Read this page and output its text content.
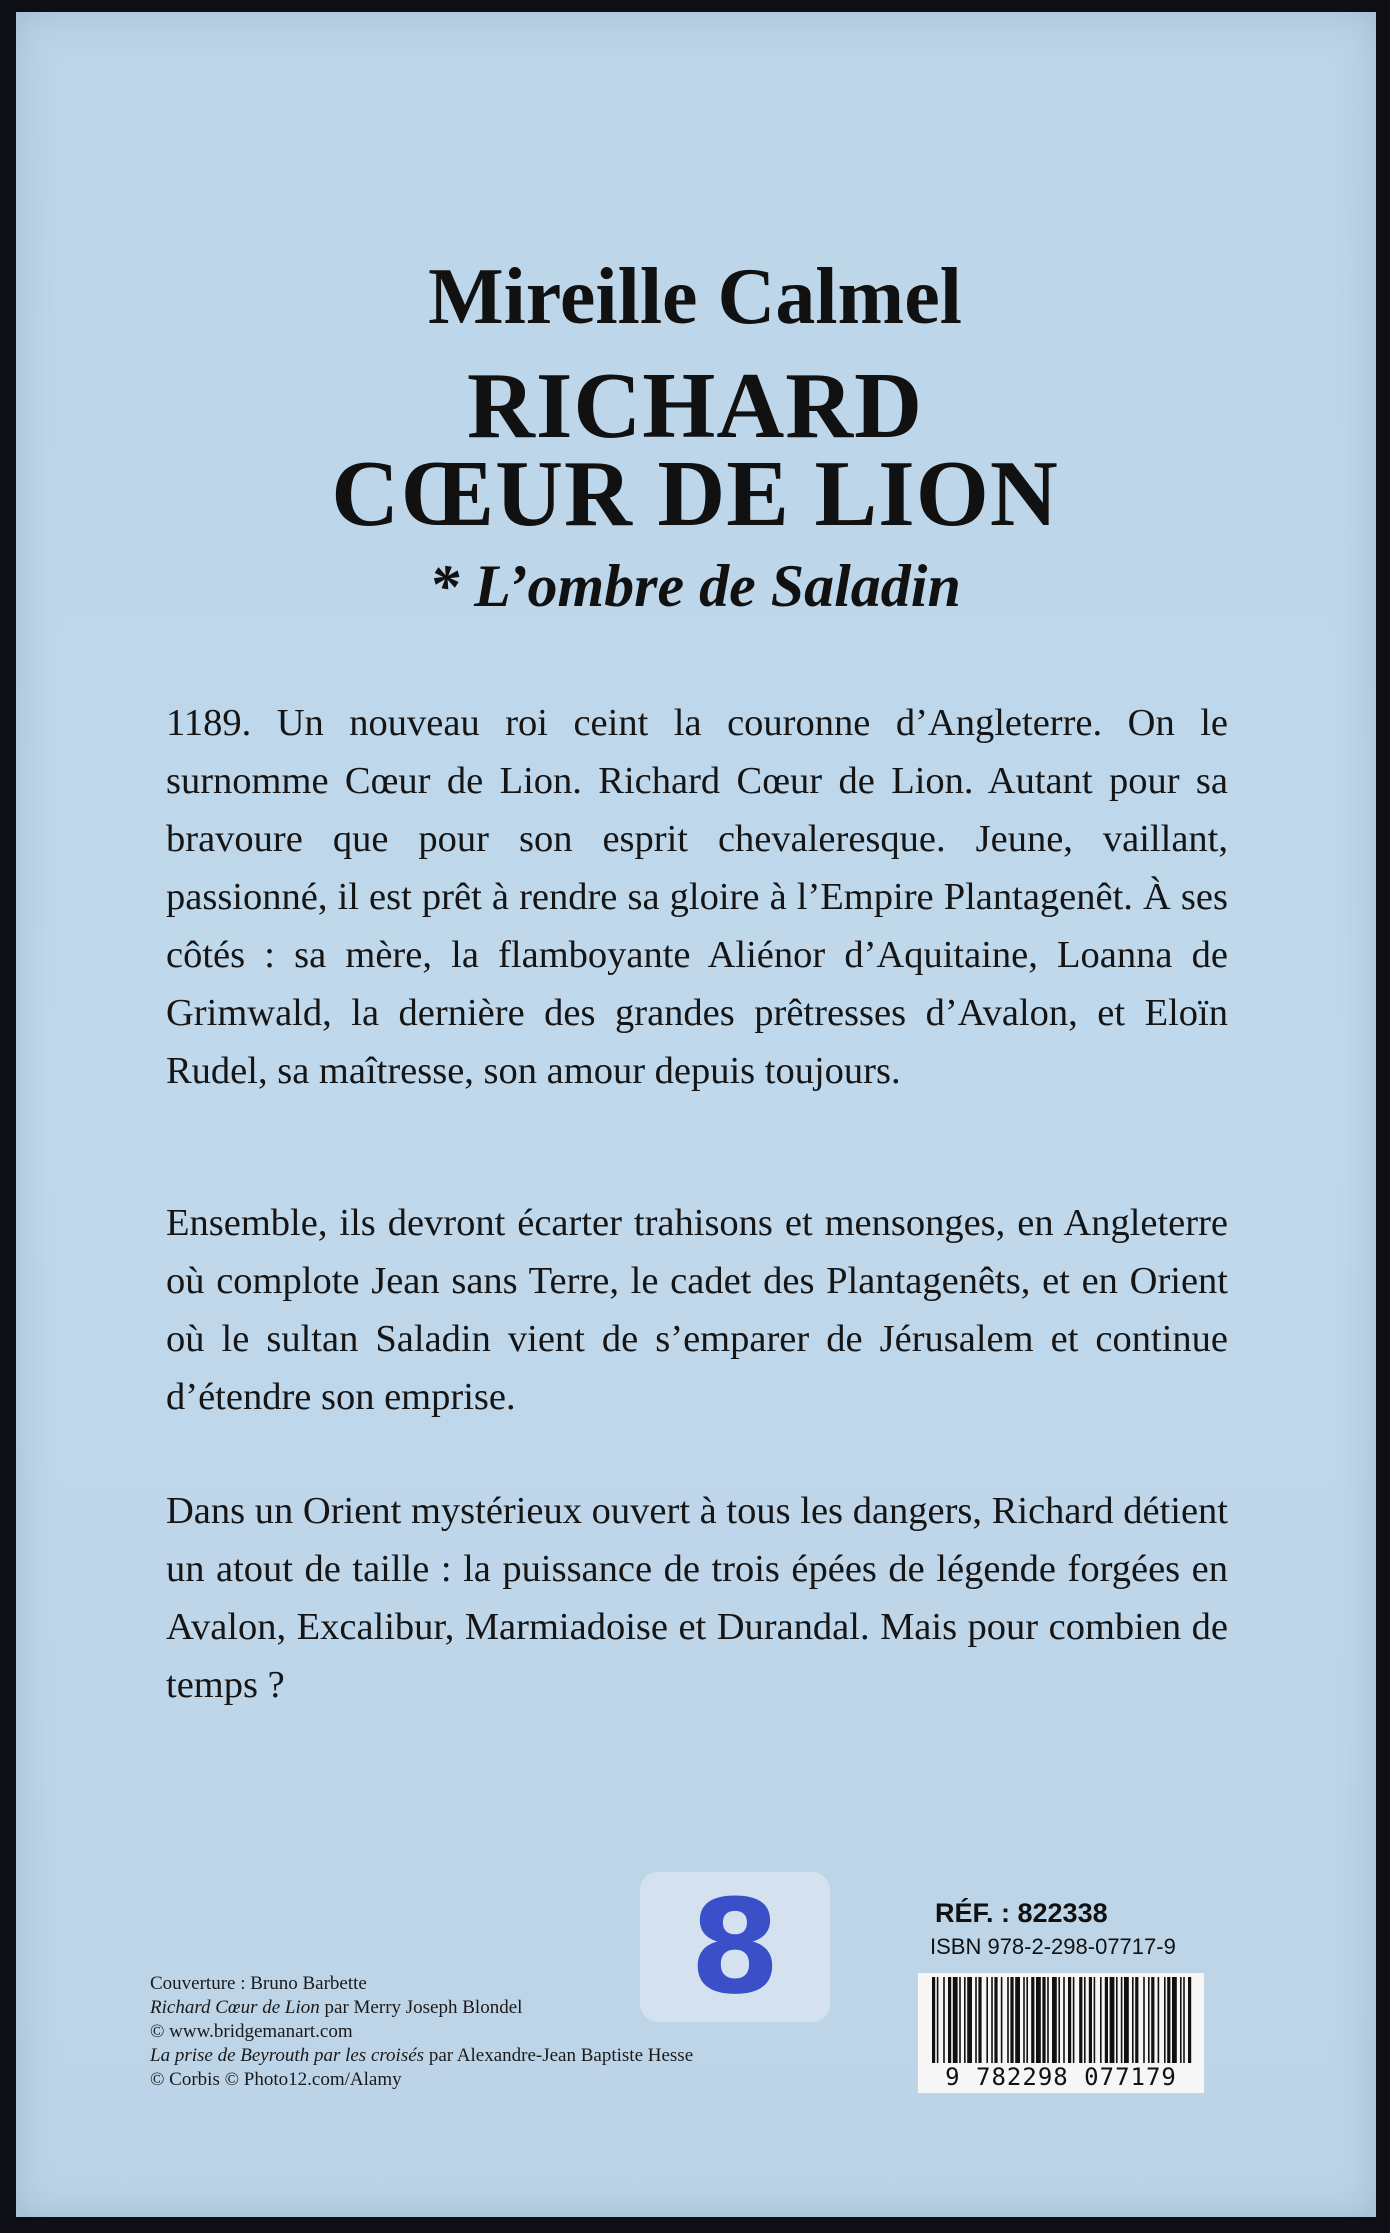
Mireille Calmel
RICHARD
CŒUR DE LION
* L’ombre de Saladin

1189. Un nouveau roi ceint la couronne d’Angleterre. On le surnomme Cœur de Lion. Richard Cœur de Lion. Autant pour sa bravoure que pour son esprit chevaleresque. Jeune, vaillant, passionné, il est prêt à rendre sa gloire à l’Empire Plantagenêt. À ses côtés : sa mère, la flamboyante Aliénor d’Aquitaine, Loanna de Grimwald, la dernière des grandes prêtresses d’Avalon, et Eloïn Rudel, sa maîtresse, son amour depuis toujours.

Ensemble, ils devront écarter trahisons et mensonges, en Angleterre où complote Jean sans Terre, le cadet des Plantagenêts, et en Orient où le sultan Saladin vient de s’emparer de Jérusalem et continue d’étendre son emprise.

Dans un Orient mystérieux ouvert à tous les dangers, Richard détient un atout de taille : la puissance de trois épées de légende forgées en Avalon, Excalibur, Marmiadoise et Durandal. Mais pour combien de temps ?

Couverture : Bruno Barbette
Richard Cœur de Lion par Merry Joseph Blondel
© www.bridgemanart.com
La prise de Beyrouth par les croisés par Alexandre-Jean Baptiste Hesse
© Corbis © Photo12.com/Alamy
8	RÉF. : 822338
ISBN 978-2-298-07717-9
9 782298 077179
